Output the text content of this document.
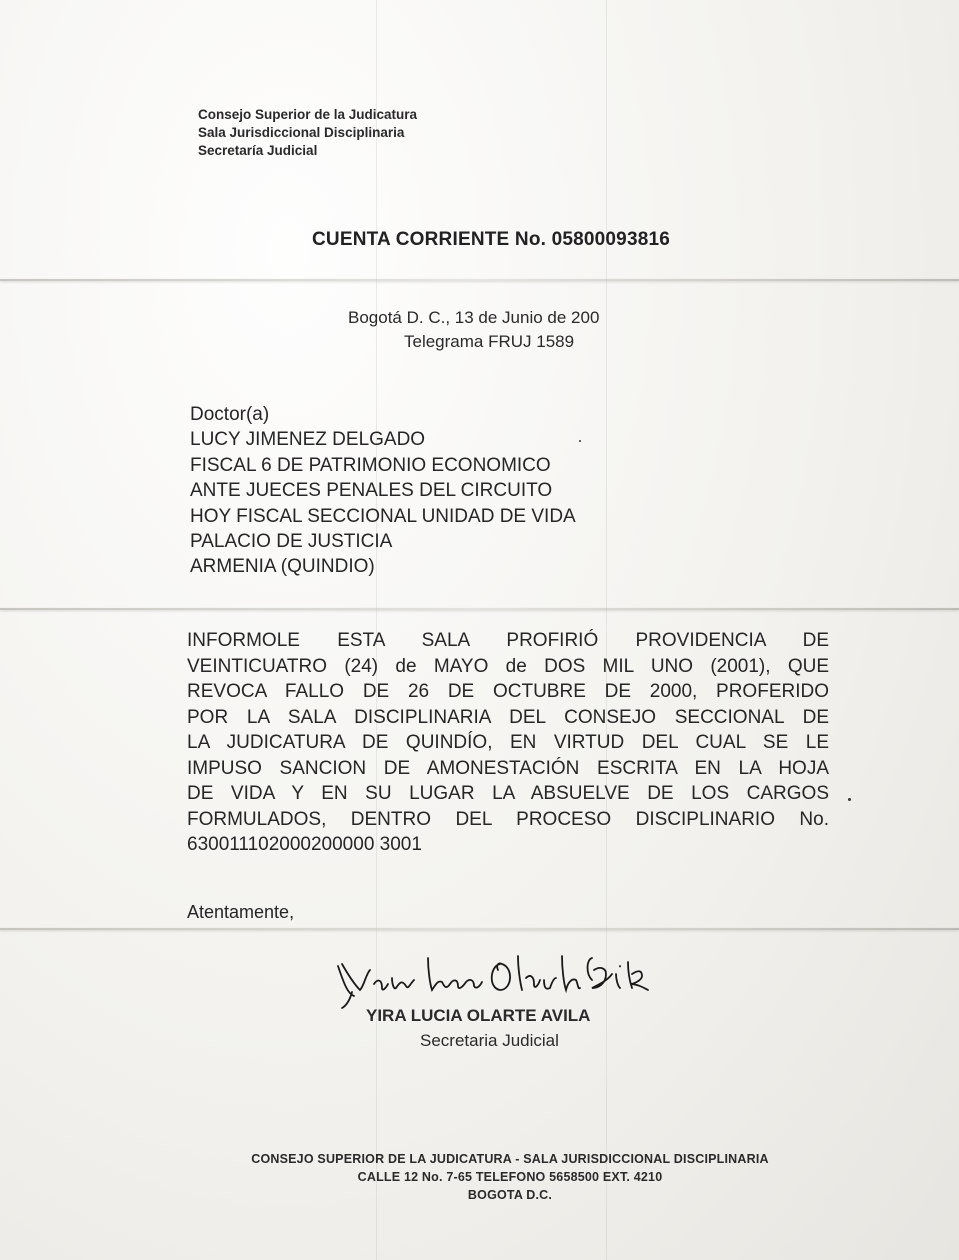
Consejo Superior de la Judicatura
Sala Jurisdiccional Disciplinaria
Secretaría Judicial
CUENTA CORRIENTE No. 05800093816
Bogotá D. C., 13 de Junio de 200
Telegrama FRUJ 1589
Doctor(a)
LUCY JIMENEZ DELGADO
FISCAL 6 DE PATRIMONIO ECONOMICO
ANTE JUECES PENALES DEL CIRCUITO
HOY FISCAL SECCIONAL UNIDAD DE VIDA
PALACIO DE JUSTICIA
ARMENIA (QUINDIO)
INFORMOLE ESTA SALA PROFIRIÓ PROVIDENCIA DE
VEINTICUATRO (24) de MAYO de DOS MIL UNO (2001), QUE
REVOCA FALLO DE 26 DE OCTUBRE DE 2000, PROFERIDO
POR LA SALA DISCIPLINARIA DEL CONSEJO SECCIONAL DE
LA JUDICATURA DE QUINDÍO, EN VIRTUD DEL CUAL SE LE
IMPUSO SANCION DE AMONESTACIÓN ESCRITA EN LA HOJA
DE VIDA Y EN SU LUGAR LA ABSUELVE DE LOS CARGOS
FORMULADOS, DENTRO DEL PROCESO DISCIPLINARIO No.
630011102000200000 3001
Atentamente,
YIRA LUCIA OLARTE AVILA
Secretaria Judicial
CONSEJO SUPERIOR DE LA JUDICATURA - SALA JURISDICCIONAL DISCIPLINARIA
CALLE 12 No. 7-65 TELEFONO 5658500 EXT. 4210
BOGOTA D.C.
